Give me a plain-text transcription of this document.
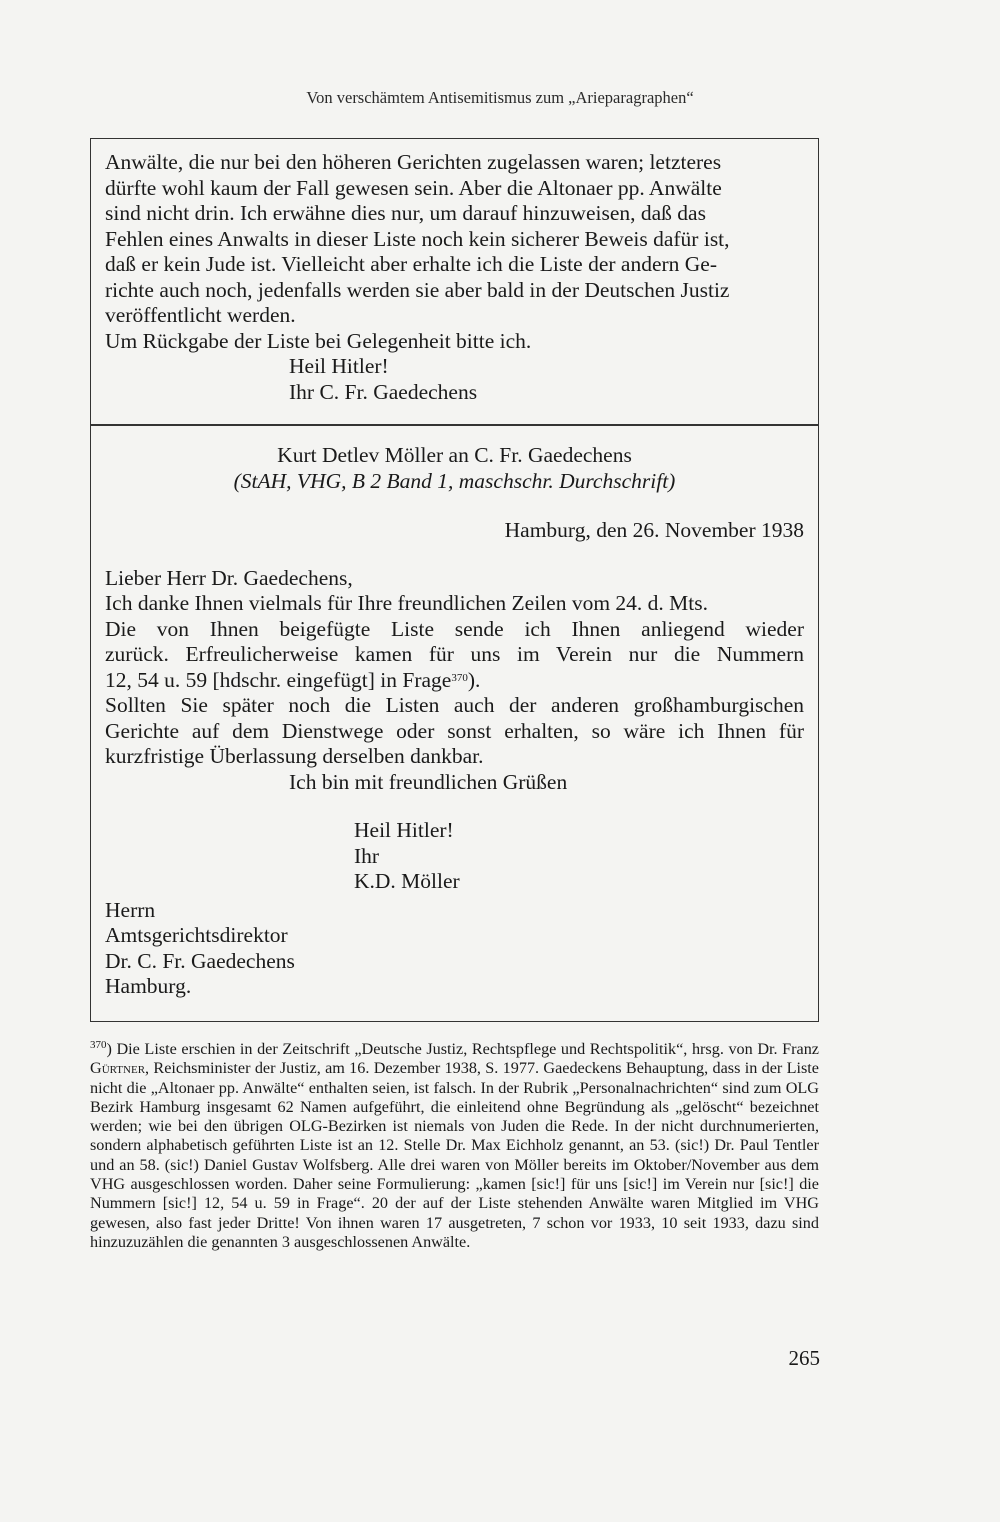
Von verschämtem Antisemitismus zum „Arieparagraphen“

Anwälte, die nur bei den höheren Gerichten zugelassen waren; letzteres

dürfte wohl kaum der Fall gewesen sein. Aber die Altonaer pp. Anwälte

sind nicht drin. Ich erwähne dies nur, um darauf hinzuweisen, daß das

Fehlen eines Anwalts in dieser Liste noch kein sicherer Beweis dafür ist,

daß er kein Jude ist. Vielleicht aber erhalte ich die Liste der andern Ge-

richte auch noch, jedenfalls werden sie aber bald in der Deutschen Justiz

veröffentlicht werden.

Um Rückgabe der Liste bei Gelegenheit bitte ich.

Heil Hitler!

Ihr C. Fr. Gaedechens

Kurt Detlev Möller an C. Fr. Gaedechens

(StAH, VHG, B 2 Band 1, maschschr. Durchschrift)

Hamburg, den 26. November 1938

Lieber Herr Dr. Gaedechens,

Ich danke Ihnen vielmals für Ihre freundlichen Zeilen vom 24. d. Mts.

Die von Ihnen beigefügte Liste sende ich Ihnen anliegend wieder

zurück. Erfreulicherweise kamen für uns im Verein nur die Nummern

12, 54 u. 59 [hdschr. eingefügt] in Frage$^{370}$).

Sollten Sie später noch die Listen auch der anderen großhamburgischen

Gerichte auf dem Dienstwege oder sonst erhalten, so wäre ich Ihnen für

kurzfristige Überlassung derselben dankbar.

Ich bin mit freundlichen Grüßen

Heil Hitler!

Ihr

K.D. Möller

Herrn

Amtsgerichtsdirektor

Dr. C. Fr. Gaedechens

Hamburg.

$^{370}$) Die Liste erschien in der Zeitschrift „Deutsche Justiz, Rechtspflege und Rechtspolitik“, hrsg. von Dr. Franz Gürtner, Reichsminister der Justiz, am 16. Dezember 1938, S. 1977. Gaedeckens Behauptung, dass in der Liste nicht die „Altonaer pp. Anwälte“ enthalten seien, ist falsch. In der Rubrik „Personalnachrichten“ sind zum OLG Bezirk Hamburg insgesamt 62 Namen aufgeführt, die einleitend ohne Begründung als „gelöscht“ bezeichnet werden; wie bei den übrigen OLG-Bezirken ist niemals von Juden die Rede. In der nicht durchnumerierten, sondern alphabetisch geführten Liste ist an 12. Stelle Dr. Max Eichholz genannt, an 53. (sic!) Dr. Paul Tentler und an 58. (sic!) Daniel Gustav Wolfsberg. Alle drei waren von Möller bereits im Oktober/November aus dem VHG ausgeschlossen worden. Daher seine Formulierung: „kamen [sic!] für uns [sic!] im Verein nur [sic!] die Nummern [sic!] 12, 54 u. 59 in Frage“. 20 der auf der Liste stehenden Anwälte waren Mitglied im VHG gewesen, also fast jeder Dritte! Von ihnen waren 17 ausgetreten, 7 schon vor 1933, 10 seit 1933, dazu sind hinzuzuzählen die genannten 3 ausgeschlossenen Anwälte.

265
